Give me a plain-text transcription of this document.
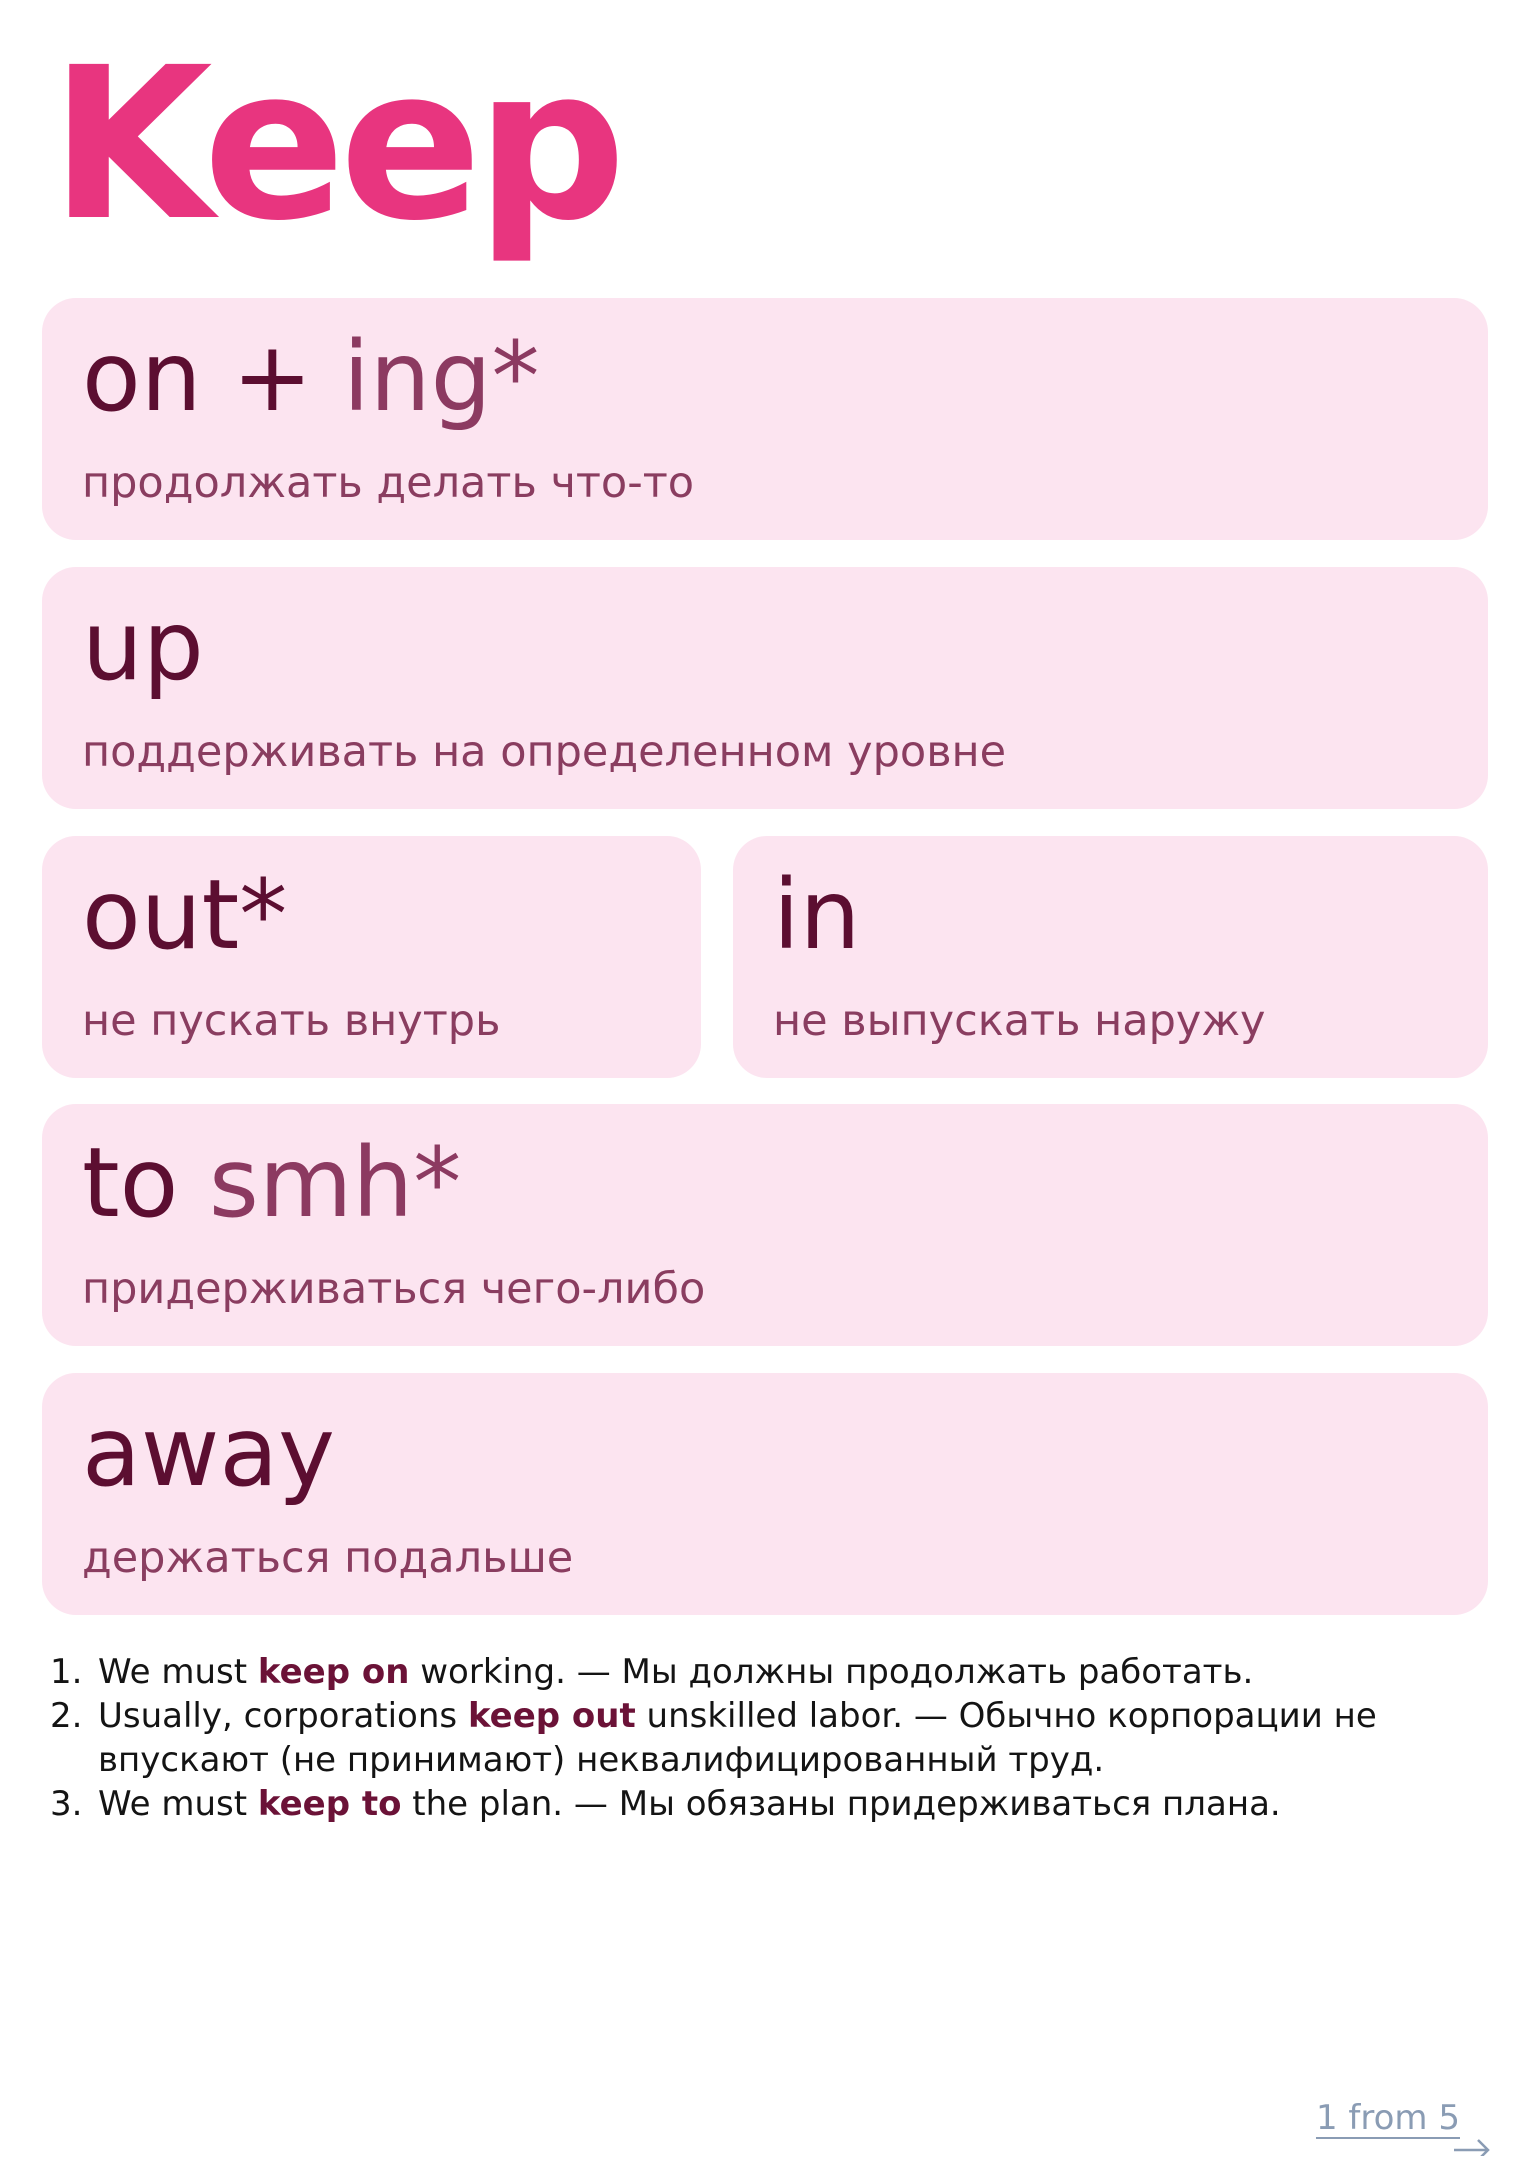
Keep
on + ing*
продолжать делать что-то
up
поддерживать на определенном уровне
out*
не пускать внутрь
in
не выпускать наружу
to smh*
придерживаться чего-либо
away
держаться подальше
1. We must keep on working. — Мы должны продолжать работать.
2. Usually, corporations keep out unskilled labor. — Обычно корпорации не впускают (не принимают) неквалифицированный труд.
3. We must keep to the plan. — Мы обязаны придерживаться плана.
1 from 5
